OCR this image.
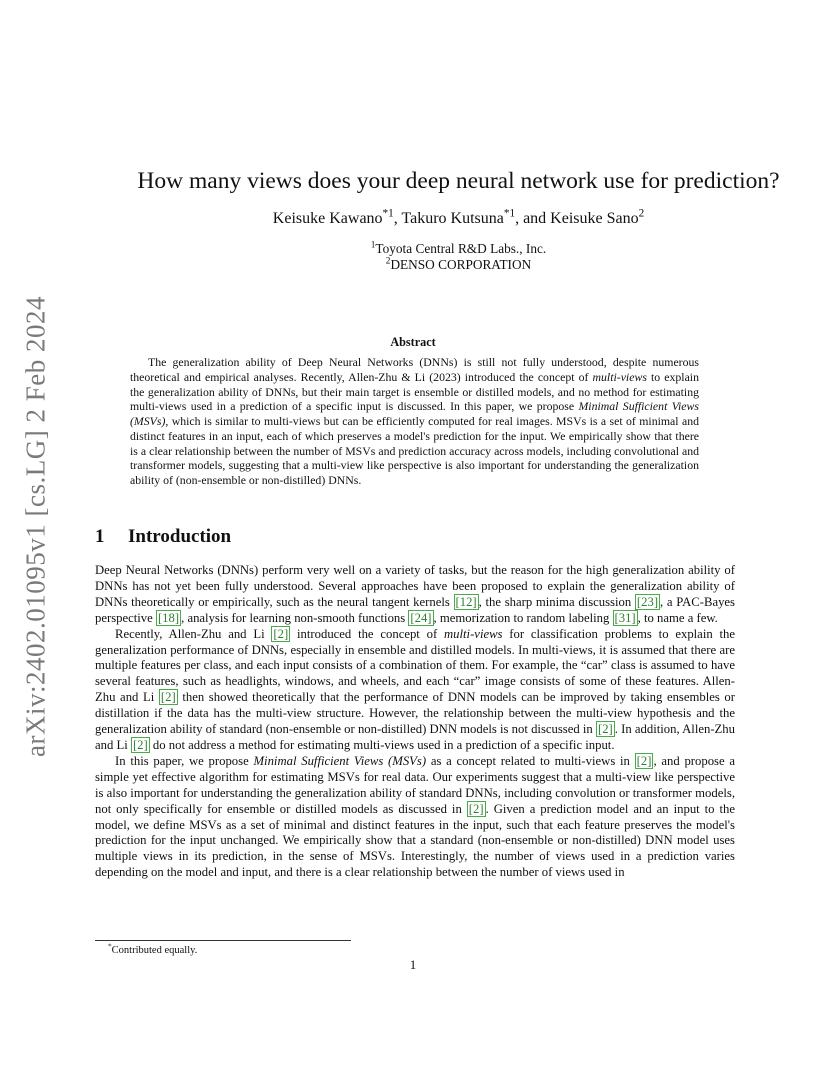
arXiv:2402.01095v1 [cs.LG] 2 Feb 2024
How many views does your deep neural network use for prediction?
Keisuke Kawano$^{*1}$, Takuro Kutsuna$^{*1}$, and Keisuke Sano$^2$
$^1$Toyota Central R&D Labs., Inc.
$^2$DENSO CORPORATION
Abstract

The generalization ability of Deep Neural Networks (DNNs) is still not fully understood, despite numerous theoretical and empirical analyses. Recently, Allen-Zhu & Li (2023) introduced the concept of multi-views to explain the generalization ability of DNNs, but their main target is ensemble or distilled models, and no method for estimating multi-views used in a prediction of a specific input is discussed. In this paper, we propose Minimal Sufficient Views (MSVs), which is similar to multi-views but can be efficiently computed for real images. MSVs is a set of minimal and distinct features in an input, each of which preserves a model's prediction for the input. We empirically show that there is a clear relationship between the number of MSVs and prediction accuracy across models, including convolutional and transformer models, suggesting that a multi-view like perspective is also important for understanding the generalization ability of (non-ensemble or non-distilled) DNNs.

1 Introduction

Deep Neural Networks (DNNs) perform very well on a variety of tasks, but the reason for the high generalization ability of DNNs has not yet been fully understood. Several approaches have been proposed to explain the generalization ability of DNNs theoretically or empirically, such as the neural tangent kernels [12] , the sharp minima discussion [23] , a PAC-Bayes perspective [18] , analysis for learning non-smooth functions [24] , memorization to random labeling [31] , to name a few.

Recently, Allen-Zhu and Li [2] introduced the concept of multi-views for classification problems to explain the generalization performance of DNNs, especially in ensemble and distilled models. In multi-views, it is assumed that there are multiple features per class, and each input consists of a combination of them. For example, the “car” class is assumed to have several features, such as headlights, windows, and wheels, and each “car” image consists of some of these features. Allen-Zhu and Li [2] then showed theoretically that the performance of DNN models can be improved by taking ensembles or distillation if the data has the multi-view structure. However, the relationship between the multi-view hypothesis and the generalization ability of standard (non-ensemble or non-distilled) DNN models is not discussed in [2] . In addition, Allen-Zhu and Li [2] do not address a method for estimating multi-views used in a prediction of a specific input.

In this paper, we propose Minimal Sufficient Views (MSVs) as a concept related to multi-views in [2] , and propose a simple yet effective algorithm for estimating MSVs for real data. Our experiments suggest that a multi-view like perspective is also important for understanding the generalization ability of standard DNNs, including convolution or transformer models, not only specifically for ensemble or distilled models as discussed in [2] . Given a prediction model and an input to the model, we define MSVs as a set of minimal and distinct features in the input, such that each feature preserves the model's prediction for the input unchanged. We empirically show that a standard (non-ensemble or non-distilled) DNN model uses multiple views in its prediction, in the sense of MSVs. Interestingly, the number of views used in a prediction varies depending on the model and input, and there is a clear relationship between the number of views used in

*Contributed equally.
1
